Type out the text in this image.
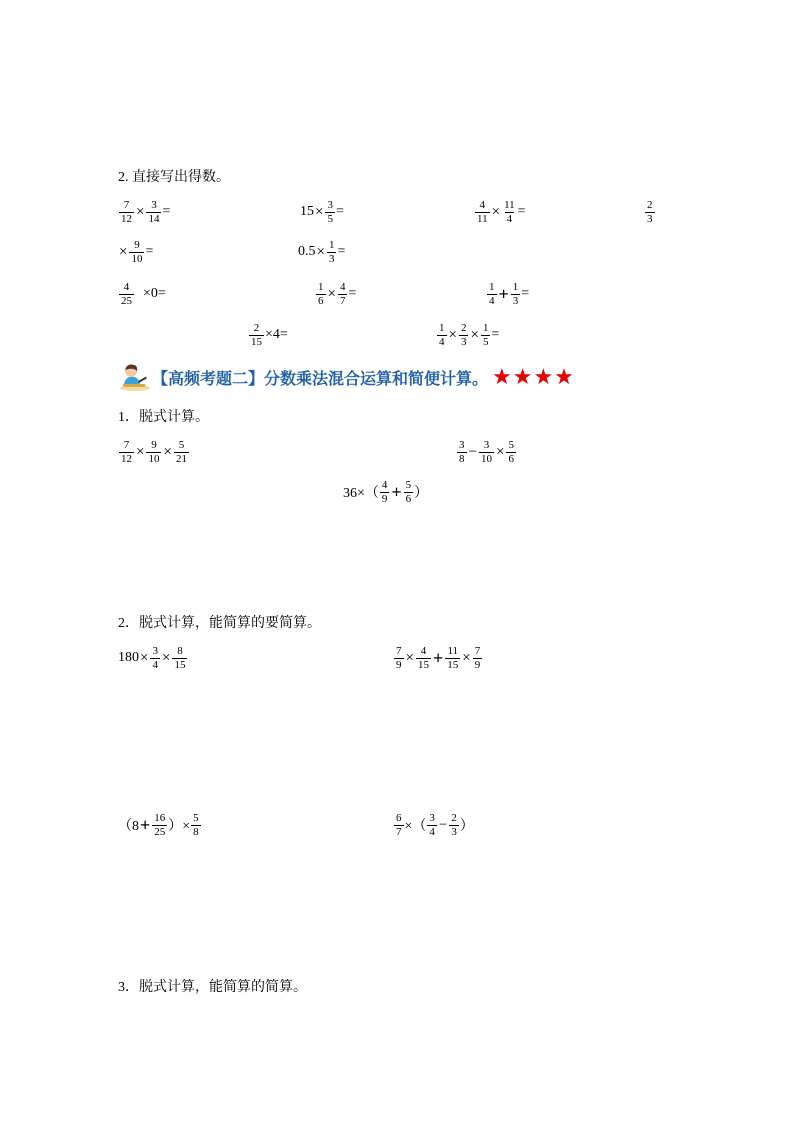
2. 直接写出得数。
$\frac{7}{12} \times \frac{3}{14}$ =	$15 \times \frac{3}{5}$ =	$\frac{4}{11} \times \frac{11}{4}$ =	$\frac{2}{3}$
× $\frac{9}{10}$ =	$0.5 \times \frac{1}{3}$ =
$\frac{4}{25} \times 0=$	$\frac{1}{6} \times \frac{4}{7}$ =	$\frac{1}{4} + \frac{1}{3}$ =
$\frac{2}{15} \times 4=$	$\frac{1}{4} \times \frac{2}{3} \times \frac{1}{5}$ =
【高频考题二】分数乘法混合运算和简便计算。 ★★★★
1．脱式计算。
$\frac{7}{12} \times \frac{9}{10} \times \frac{5}{21}$	$\frac{3}{8} - \frac{3}{10} \times \frac{5}{6}$
$36\times( \frac{4}{9} + \frac{5}{6}$ ）
2．脱式计算，能简算的要简算。
$180 \times \frac{3}{4} \times \frac{8}{15}$	$\frac{7}{9} \times \frac{4}{15} + \frac{11}{15} \times \frac{7}{9}$
（$8 + \frac{16}{25}$ ）× $\frac{5}{8}$	$\frac{6}{7}$ ×（ $\frac{3}{4} - \frac{2}{3}$ ）
3．脱式计算，能简算的简算。
